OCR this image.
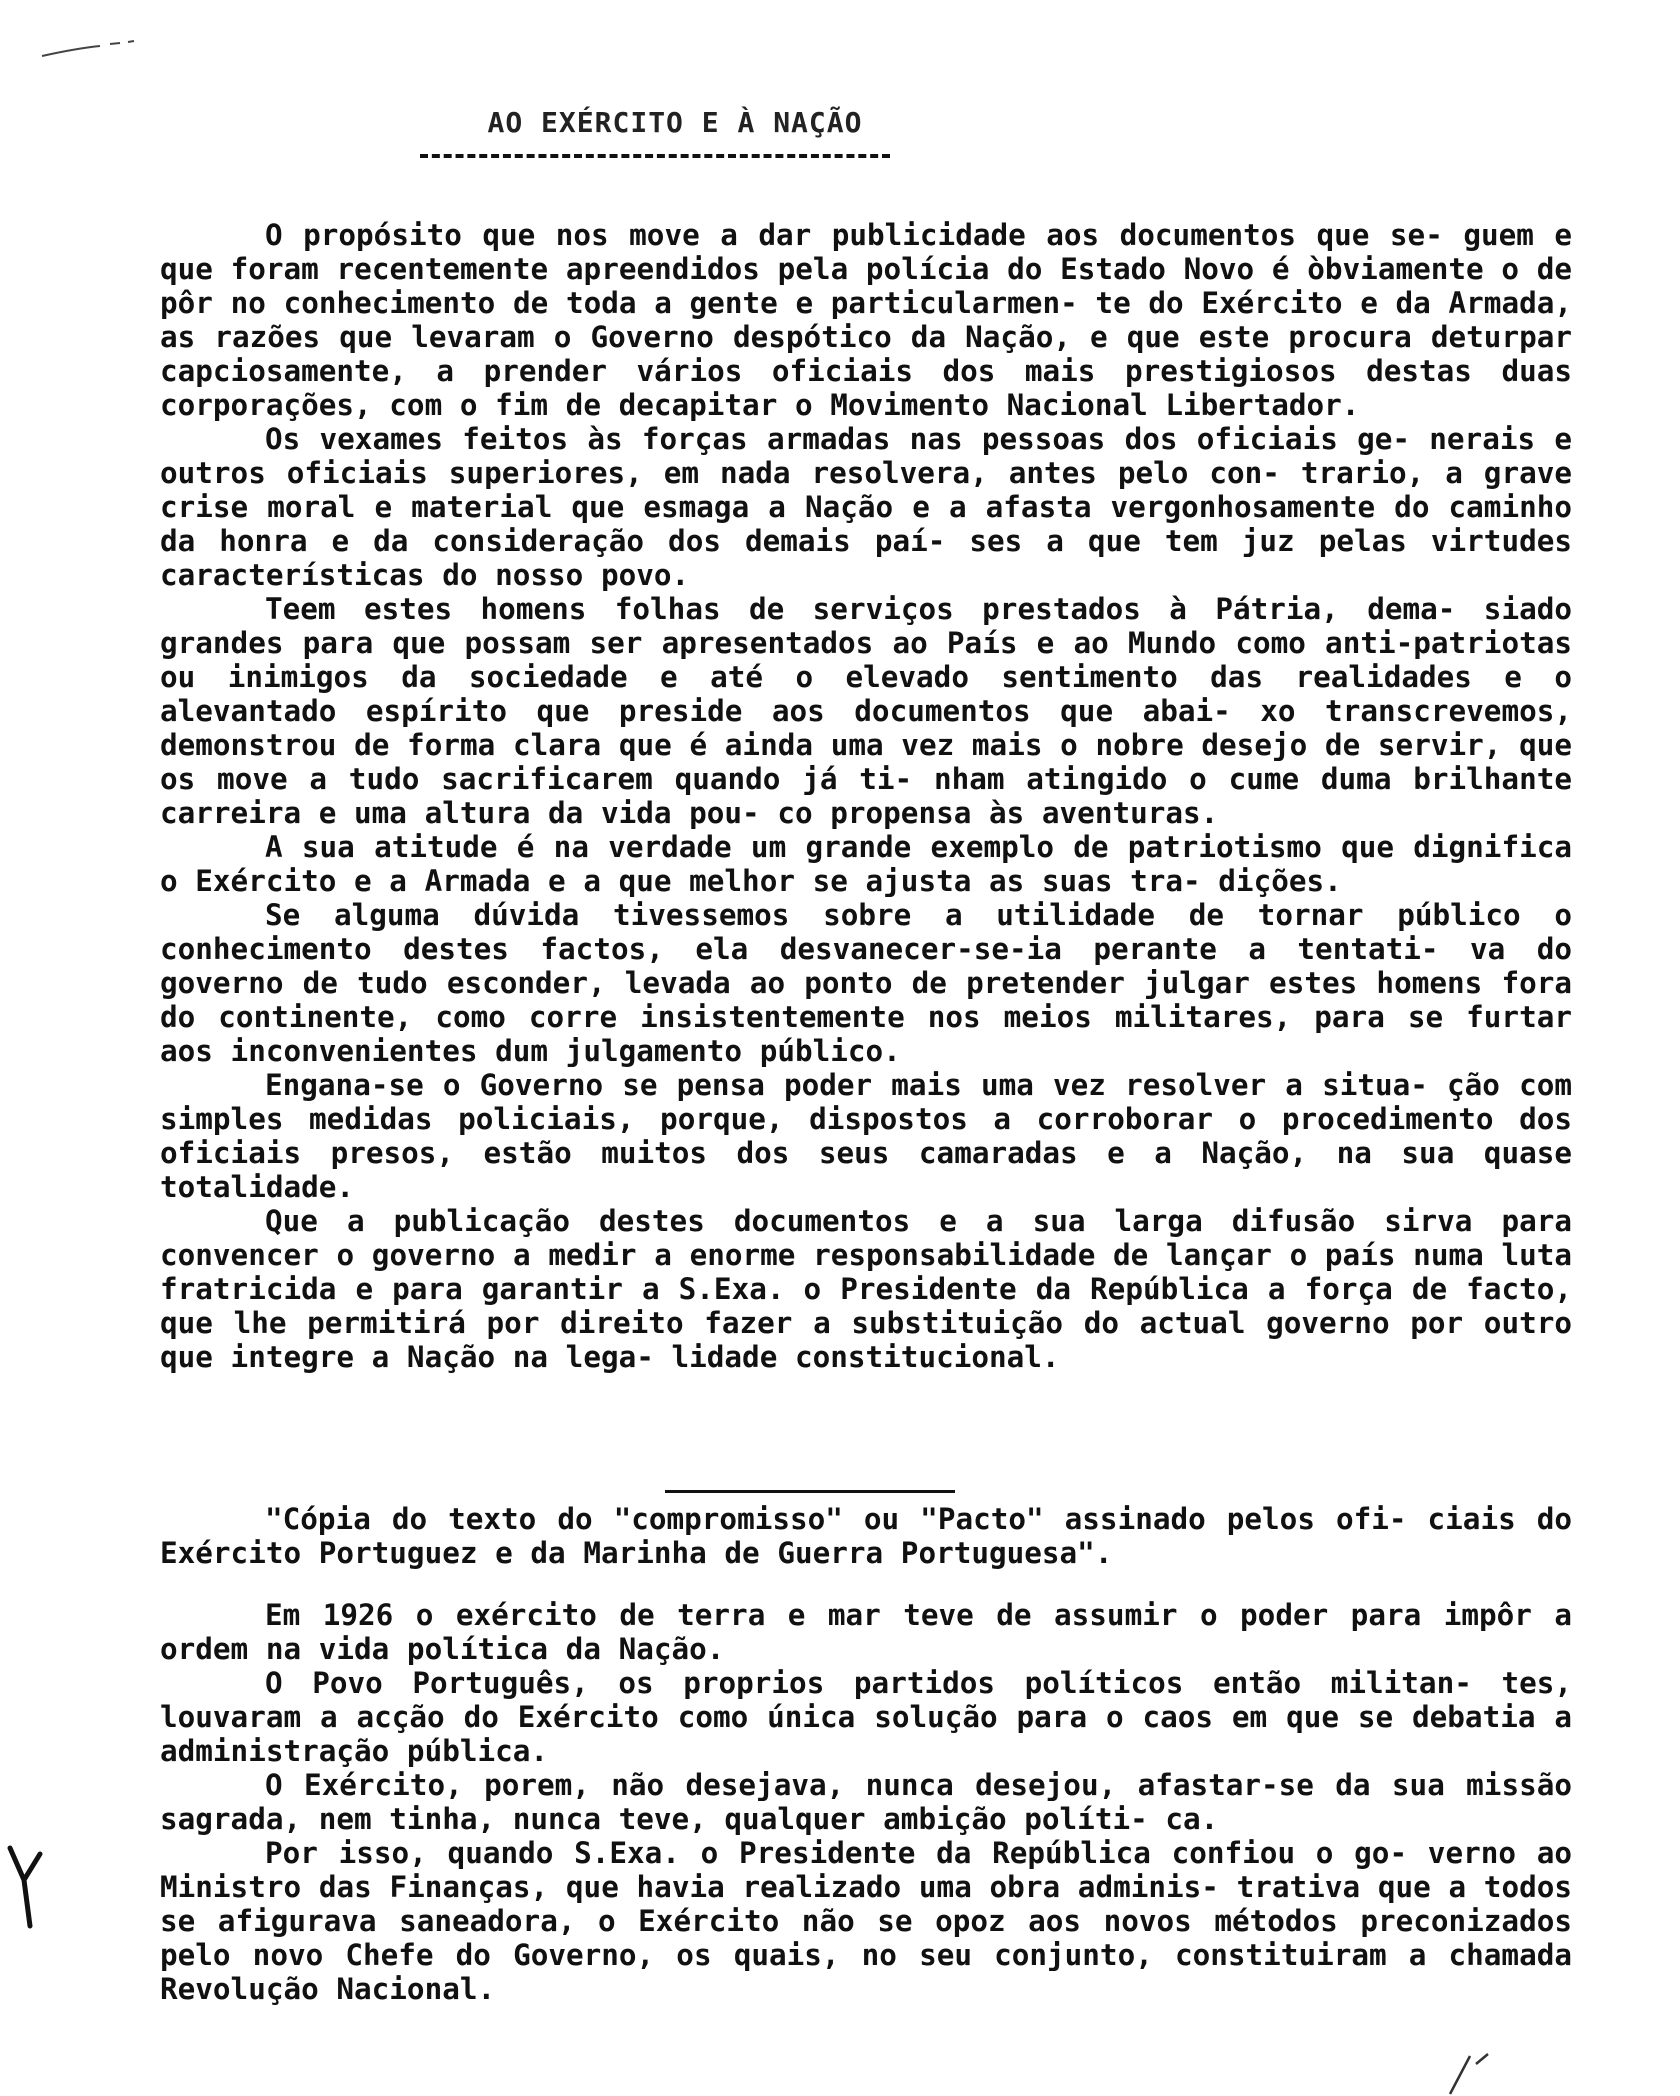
AO EXÉRCITO E À NAÇÃO

O propósito que nos move a dar publicidade aos documentos que se- guem e que foram recentemente apreendidos pela polícia do Estado Novo é òbviamente o de pôr no conhecimento de toda a gente e particularmen- te do Exército e da Armada, as razões que levaram o Governo despótico da Nação, e que este procura deturpar capciosamente, a prender vários oficiais dos mais prestigiosos destas duas corporações, com o fim de decapitar o Movimento Nacional Libertador.

Os vexames feitos às forças armadas nas pessoas dos oficiais ge- nerais e outros oficiais superiores, em nada resolvera, antes pelo con- trario, a grave crise moral e material que esmaga a Nação e a afasta vergonhosamente do caminho da honra e da consideração dos demais paí- ses a que tem juz pelas virtudes características do nosso povo.

Teem estes homens folhas de serviços prestados à Pátria, dema- siado grandes para que possam ser apresentados ao País e ao Mundo como anti-patriotas ou inimigos da sociedade e até o elevado sentimento das realidades e o alevantado espírito que preside aos documentos que abai- xo transcrevemos, demonstrou de forma clara que é ainda uma vez mais o nobre desejo de servir, que os move a tudo sacrificarem quando já ti- nham atingido o cume duma brilhante carreira e uma altura da vida pou- co propensa às aventuras.

A sua atitude é na verdade um grande exemplo de patriotismo que dignifica o Exército e a Armada e a que melhor se ajusta as suas tra- dições.

Se alguma dúvida tivessemos sobre a utilidade de tornar público o conhecimento destes factos, ela desvanecer-se-ia perante a tentati- va do governo de tudo esconder, levada ao ponto de pretender julgar estes homens fora do continente, como corre insistentemente nos meios militares, para se furtar aos inconvenientes dum julgamento público.

Engana-se o Governo se pensa poder mais uma vez resolver a situa- ção com simples medidas policiais, porque, dispostos a corroborar o procedimento dos oficiais presos, estão muitos dos seus camaradas e a Nação, na sua quase totalidade.

Que a publicação destes documentos e a sua larga difusão sirva para convencer o governo a medir a enorme responsabilidade de lançar o país numa luta fratricida e para garantir a S.Exa. o Presidente da República a força de facto, que lhe permitirá por direito fazer a substituição do actual governo por outro que integre a Nação na lega- lidade constitucional.

"Cópia do texto do "compromisso" ou "Pacto" assinado pelos ofi- ciais do Exército Portuguez e da Marinha de Guerra Portuguesa".

Em 1926 o exército de terra e mar teve de assumir o poder para impôr a ordem na vida política da Nação.

O Povo Português, os proprios partidos políticos então militan- tes, louvaram a acção do Exército como única solução para o caos em que se debatia a administração pública.

O Exército, porem, não desejava, nunca desejou, afastar-se da sua missão sagrada, nem tinha, nunca teve, qualquer ambição políti- ca.

Por isso, quando S.Exa. o Presidente da República confiou o go- verno ao Ministro das Finanças, que havia realizado uma obra adminis- trativa que a todos se afigurava saneadora, o Exército não se opoz aos novos métodos preconizados pelo novo Chefe do Governo, os quais, no seu conjunto, constituiram a chamada Revolução Nacional.
